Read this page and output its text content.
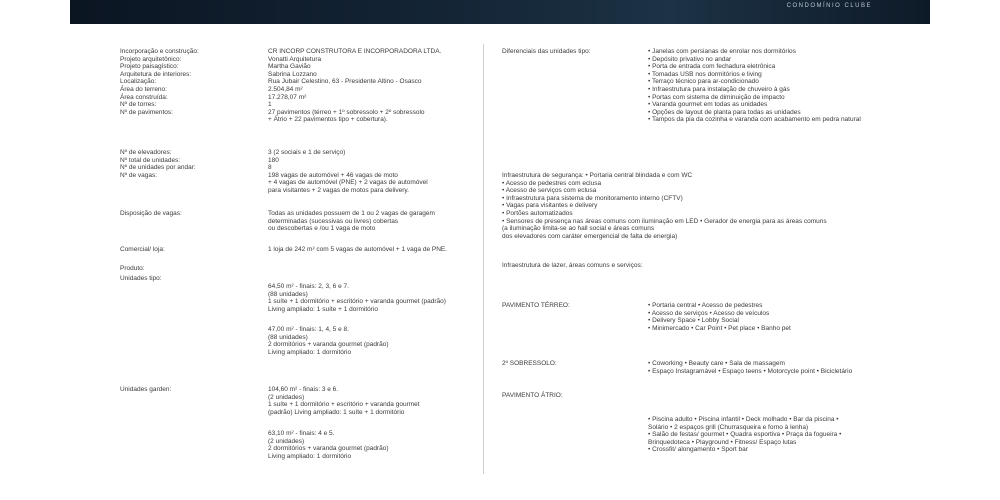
CONDOMÍNIO CLUBE
Incorporação e construção:	CR INCORP CONSTRUTORA E INCORPORADORA LTDA.
Projeto arquitetônico:	Vonatti Arquitetura
Projeto paisagístico:	Martha Gavião
Arquitetura de interiores:	Sabrina Lozzano
Localização:	Rua Jubair Celestino, 63 - Presidente Altino - Osasco
Área do terreno:	2.504,84 m²
Área construída:	17.278,07 m²
Nº de torres:	1
Nº de pavimentos:	27 pavimentos (térreo + 1º sobressolo + 2º sobressolo
+ Átrio + 22 pavimentos tipo + cobertura).
Nº de elevadores:	3 (2 sociais e 1 de serviço)
Nº total de unidades:	180
Nº de unidades por andar:	8
Nº de vagas:	198 vagas de automóvel + 46 vagas de moto
+ 4 vagas de automóvel (PNE) + 2 vagas de automóvel
para visitantes + 2 vagas de motos para delivery.
Disposição de vagas:	Todas as unidades possuem de 1 ou 2 vagas de garagem
determinadas (sucessivas ou livres) cobertas
ou descobertas e /ou 1 vaga de moto
Comercial/ loja:	1 loja de 242 m² com 5 vagas de automóvel + 1 vaga de PNE.
Produto:
Unidades tipo:
64,50 m² - finais: 2, 3, 6 e 7.
(88 unidades)
1 suíte + 1 dormitório + escritório + varanda gourmet (padrão)
Living ampliado: 1 suíte + 1 dormitório
47,00 m² - finais: 1, 4, 5 e 8.
(88 unidades)
2 dormitórios + varanda gourmet (padrão)
Living ampliado: 1 dormitório
Unidades garden:	104,60 m² - finais: 3 e 6.
(2 unidades)
1 suíte + 1 dormitório + escritório + varanda gourmet
(padrão) Living ampliado: 1 suíte + 1 dormitório
63,10 m² - finais: 4 e 5.
(2 unidades)
2 dormitórios + varanda gourmet (padrão)
Living ampliado: 1 dormitório
Diferenciais das unidades tipo:	• Janelas com persianas de enrolar nos dormitórios
• Depósito privativo no andar
• Porta de entrada com fechadura eletrônica
• Tomadas USB nos dormitórios e living
• Terraço técnico para ar-condicionado
• Infraestrutura para instalação de chuveiro à gás
• Portas com sistema de diminuição de impacto
• Varanda gourmet em todas as unidades
• Opções de layout de planta para todas as unidades
• Tampos da pia da cozinha e varanda com acabamento em pedra natural
Infraestrutura de segurança: • Portaria central blindada e com WC
• Acesso de pedestres com eclusa
• Acesso de serviços com eclusa
• Infraestrutura para sistema de monitoramento interno (CFTV)
• Vagas para visitantes e delivery
• Portões automatizados
• Sensores de presença nas áreas comuns com iluminação em LED • Gerador de energia para as áreas comuns
(a iluminação limita-se ao hall social e áreas comuns
dos elevadores com caráter emergencial de falta de energia)
Infraestrutura de lazer, áreas comuns e serviços:
PAVIMENTO TÉRREO:	• Portaria central • Acesso de pedestres
• Acesso de serviços • Acesso de veículos
• Delivery Space • Lobby Social
• Minimercado • Car Point • Pet place • Banho pet
2º SOBRESSOLO:	• Coworking • Beauty care • Sala de massagem
• Espaço Instagramável • Espaço teens • Motorcycle point • Bicicletário
PAVIMENTO ÁTRIO:
• Piscina adulto • Piscina infantil • Deck molhado • Bar da piscina •
Solário • 2 espaços grill (Churrasqueira e forno à lenha)
• Salão de festas/ gourmet • Quadra esportiva • Praça da fogueira •
Brinquedoteca • Playground • Fitness/ Espaço lutas
• Crossfit/ alongamento • Sport bar
